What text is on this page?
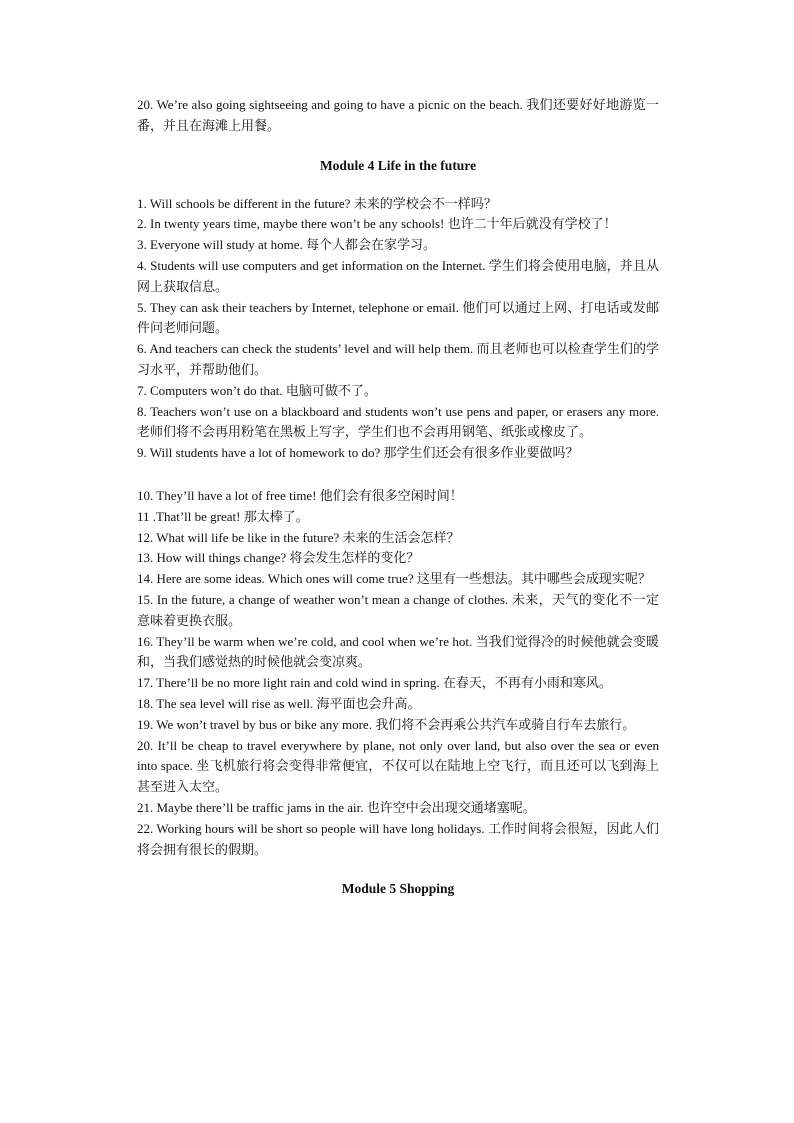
20. We’re also going sightseeing and going to have a picnic on the beach. 我们还要好好地游览一番，并且在海滩上用餐。

Module 4 Life in the future

1. Will schools be different in the future? 未来的学校会不一样吗？

2. In twenty years time, maybe there won’t be any schools! 也许二十年后就没有学校了！

3. Everyone will study at home. 每个人都会在家学习。

4. Students will use computers and get information on the Internet. 学生们将会使用电脑，并且从网上获取信息。

5. They can ask their teachers by Internet, telephone or email. 他们可以通过上网、打电话或发邮件问老师问题。

6. And teachers can check the students’ level and will help them. 而且老师也可以检查学生们的学习水平，并帮助他们。

7. Computers won’t do that. 电脑可做不了。

8. Teachers won’t use on a blackboard and students won’t use pens and paper, or erasers any more. 老师们将不会再用粉笔在黑板上写字，学生们也不会再用钢笔、纸张或橡皮了。

9. Will students have a lot of homework to do? 那学生们还会有很多作业要做吗？

10. They’ll have a lot of free time! 他们会有很多空闲时间！

11 .That’ll be great! 那太棒了。

12. What will life be like in the future? 未来的生活会怎样？

13. How will things change? 将会发生怎样的变化？

14. Here are some ideas. Which ones will come true? 这里有一些想法。其中哪些会成现实呢？

15. In the future, a change of weather won’t mean a change of clothes. 未来，天气的变化不一定意味着更换衣服。

16. They’ll be warm when we’re cold, and cool when we’re hot. 当我们觉得冷的时候他就会变暖和，当我们感觉热的时候他就会变凉爽。

17. There’ll be no more light rain and cold wind in spring. 在春天，不再有小雨和寒风。

18. The sea level will rise as well. 海平面也会升高。

19. We won’t travel by bus or bike any more. 我们将不会再乘公共汽车或骑自行车去旅行。

20. It’ll be cheap to travel everywhere by plane, not only over land, but also over the sea or even into space. 坐飞机旅行将会变得非常便宜，不仅可以在陆地上空飞行，而且还可以飞到海上甚至进入太空。

21. Maybe there’ll be traffic jams in the air. 也许空中会出现交通堵塞呢。

22. Working hours will be short so people will have long holidays. 工作时间将会很短，因此人们将会拥有很长的假期。

Module 5 Shopping
